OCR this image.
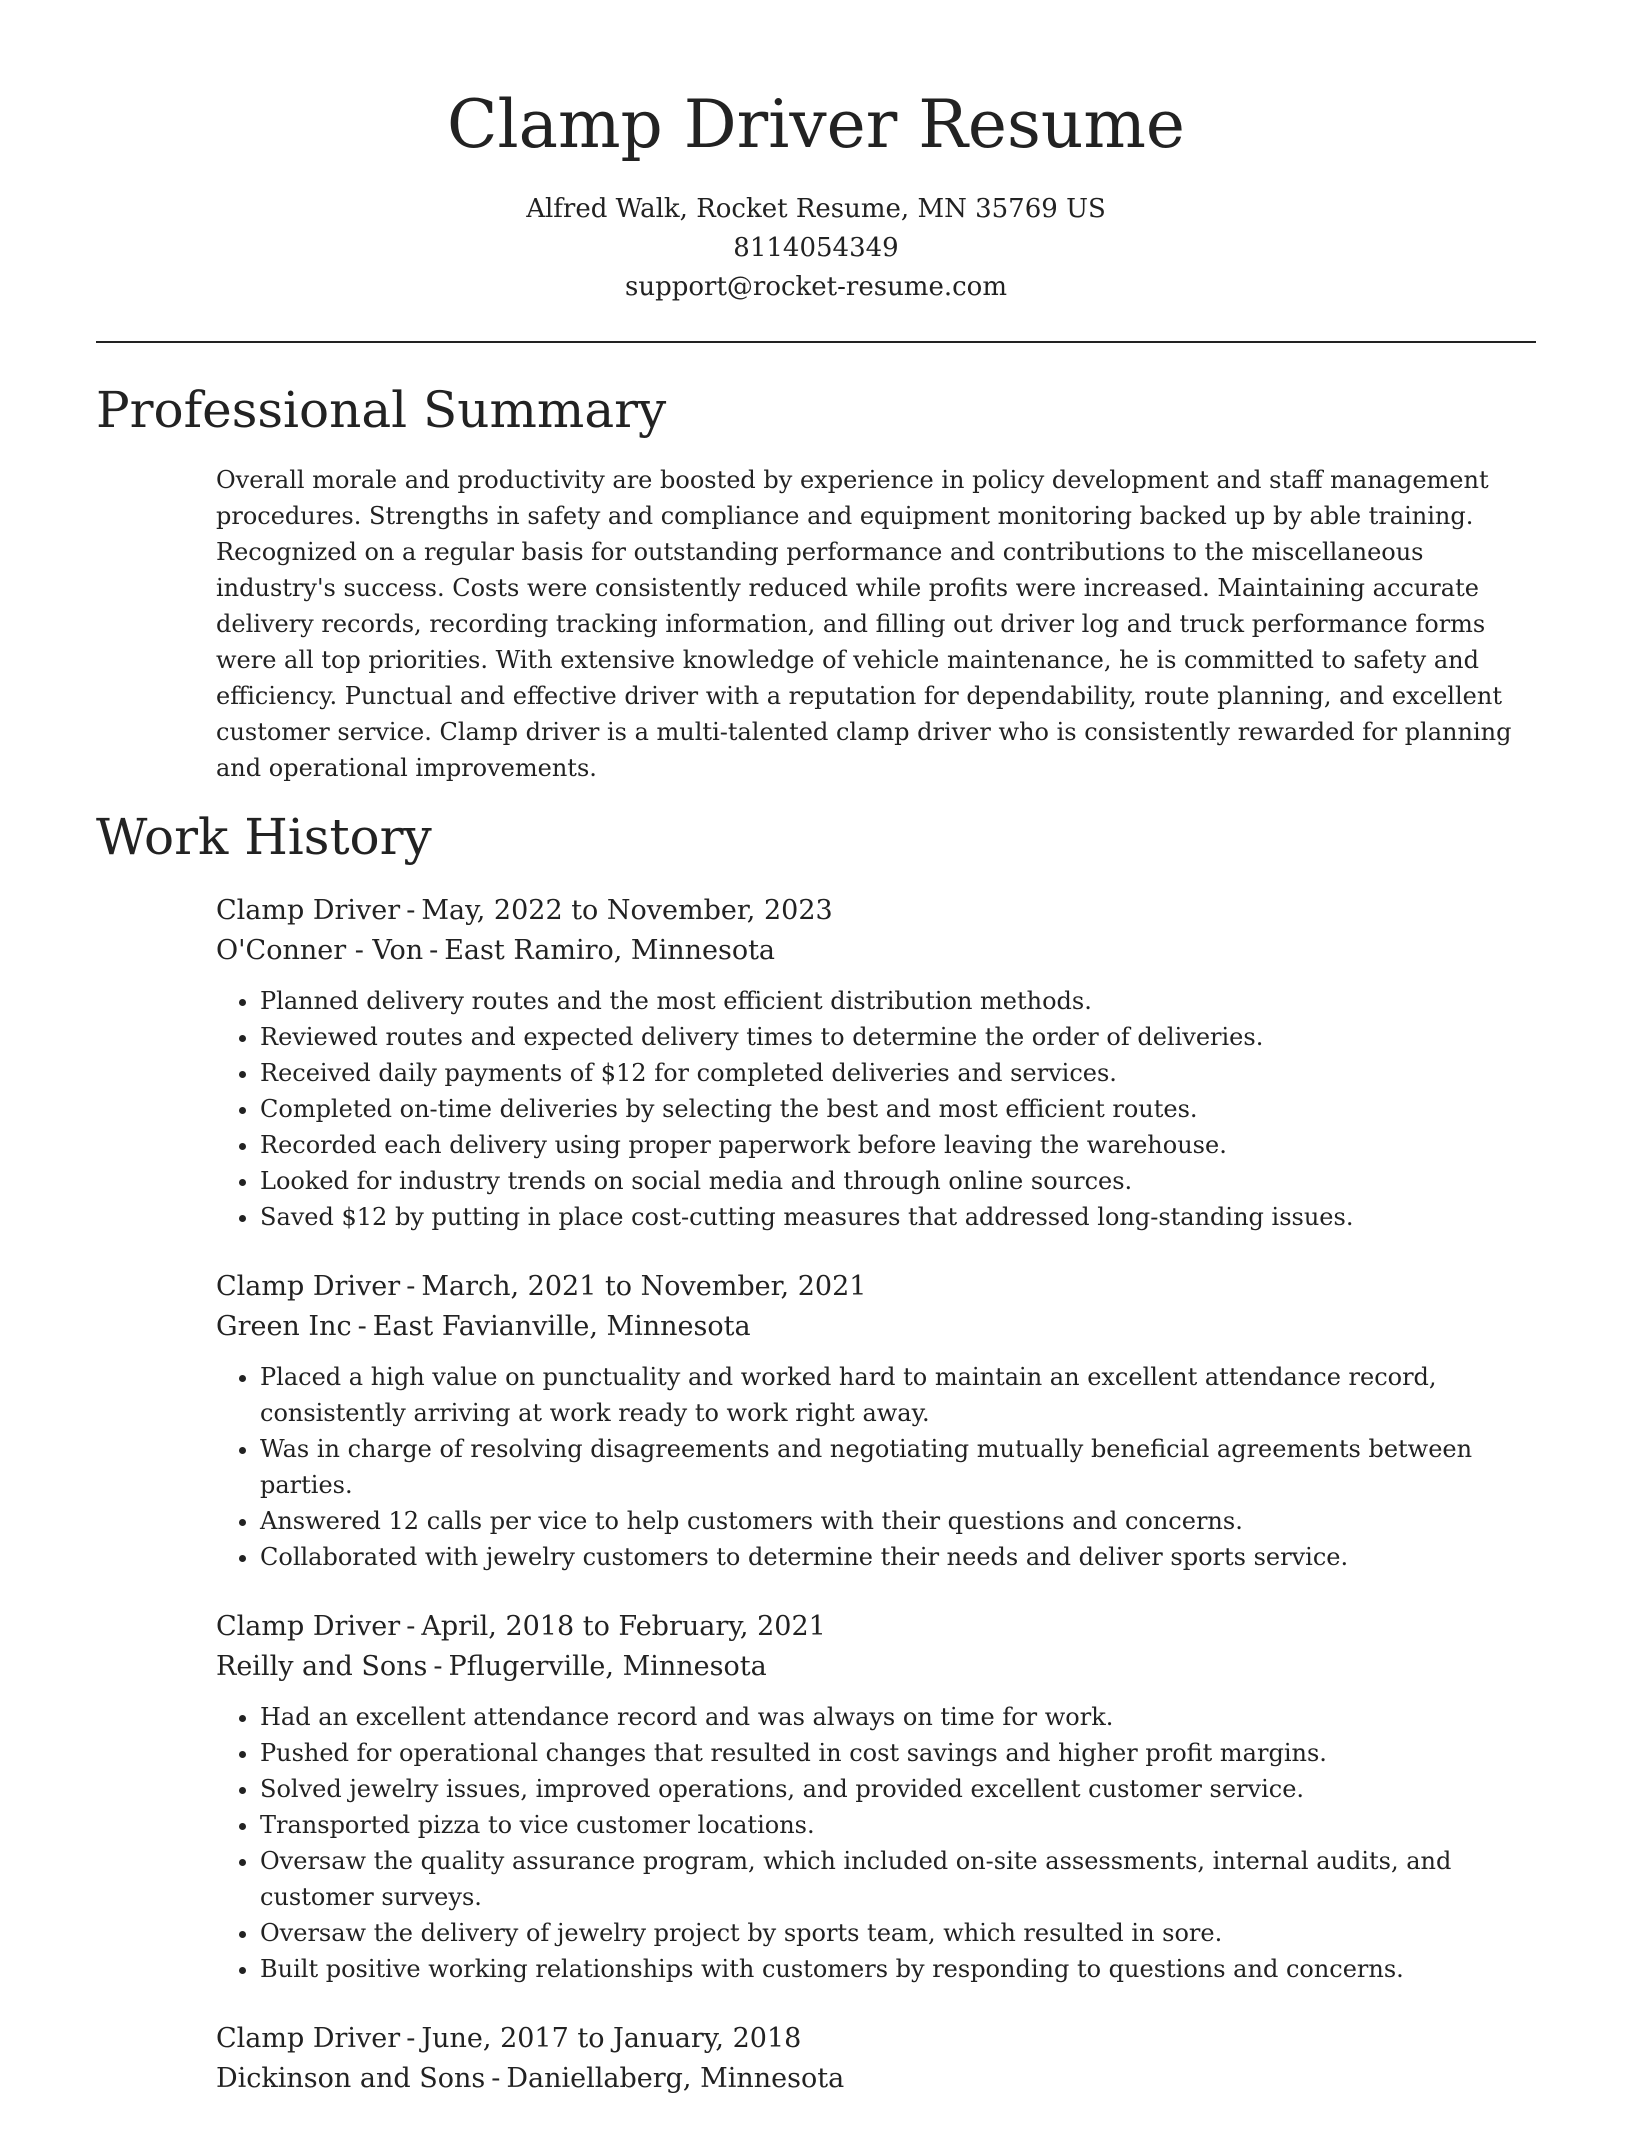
Clamp Driver Resume
Alfred Walk, Rocket Resume, MN 35769 US
8114054349
support@rocket-resume.com
Professional Summary

Overall morale and productivity are boosted by experience in policy development and staff management procedures. Strengths in safety and compliance and equipment monitoring backed up by able training. Recognized on a regular basis for outstanding performance and contributions to the miscellaneous industry's success. Costs were consistently reduced while profits were increased. Maintaining accurate delivery records, recording tracking information, and filling out driver log and truck performance forms were all top priorities. With extensive knowledge of vehicle maintenance, he is committed to safety and efficiency. Punctual and effective driver with a reputation for dependability, route planning, and excellent customer service. Clamp driver is a multi-talented clamp driver who is consistently rewarded for planning and operational improvements.

Work History
Clamp Driver - May, 2022 to November, 2023
O'Conner - Von - East Ramiro, Minnesota
• Planned delivery routes and the most efficient distribution methods.
• Reviewed routes and expected delivery times to determine the order of deliveries.
• Received daily payments of $12 for completed deliveries and services.
• Completed on-time deliveries by selecting the best and most efficient routes.
• Recorded each delivery using proper paperwork before leaving the warehouse.
• Looked for industry trends on social media and through online sources.
• Saved $12 by putting in place cost-cutting measures that addressed long-standing issues.
Clamp Driver - March, 2021 to November, 2021
Green Inc - East Favianville, Minnesota
• Placed a high value on punctuality and worked hard to maintain an excellent attendance record, consistently arriving at work ready to work right away.
• Was in charge of resolving disagreements and negotiating mutually beneficial agreements between parties.
• Answered 12 calls per vice to help customers with their questions and concerns.
• Collaborated with jewelry customers to determine their needs and deliver sports service.
Clamp Driver - April, 2018 to February, 2021
Reilly and Sons - Pflugerville, Minnesota
• Had an excellent attendance record and was always on time for work.
• Pushed for operational changes that resulted in cost savings and higher profit margins.
• Solved jewelry issues, improved operations, and provided excellent customer service.
• Transported pizza to vice customer locations.
• Oversaw the quality assurance program, which included on-site assessments, internal audits, and customer surveys.
• Oversaw the delivery of jewelry project by sports team, which resulted in sore.
• Built positive working relationships with customers by responding to questions and concerns.
Clamp Driver - June, 2017 to January, 2018
Dickinson and Sons - Daniellaberg, Minnesota
